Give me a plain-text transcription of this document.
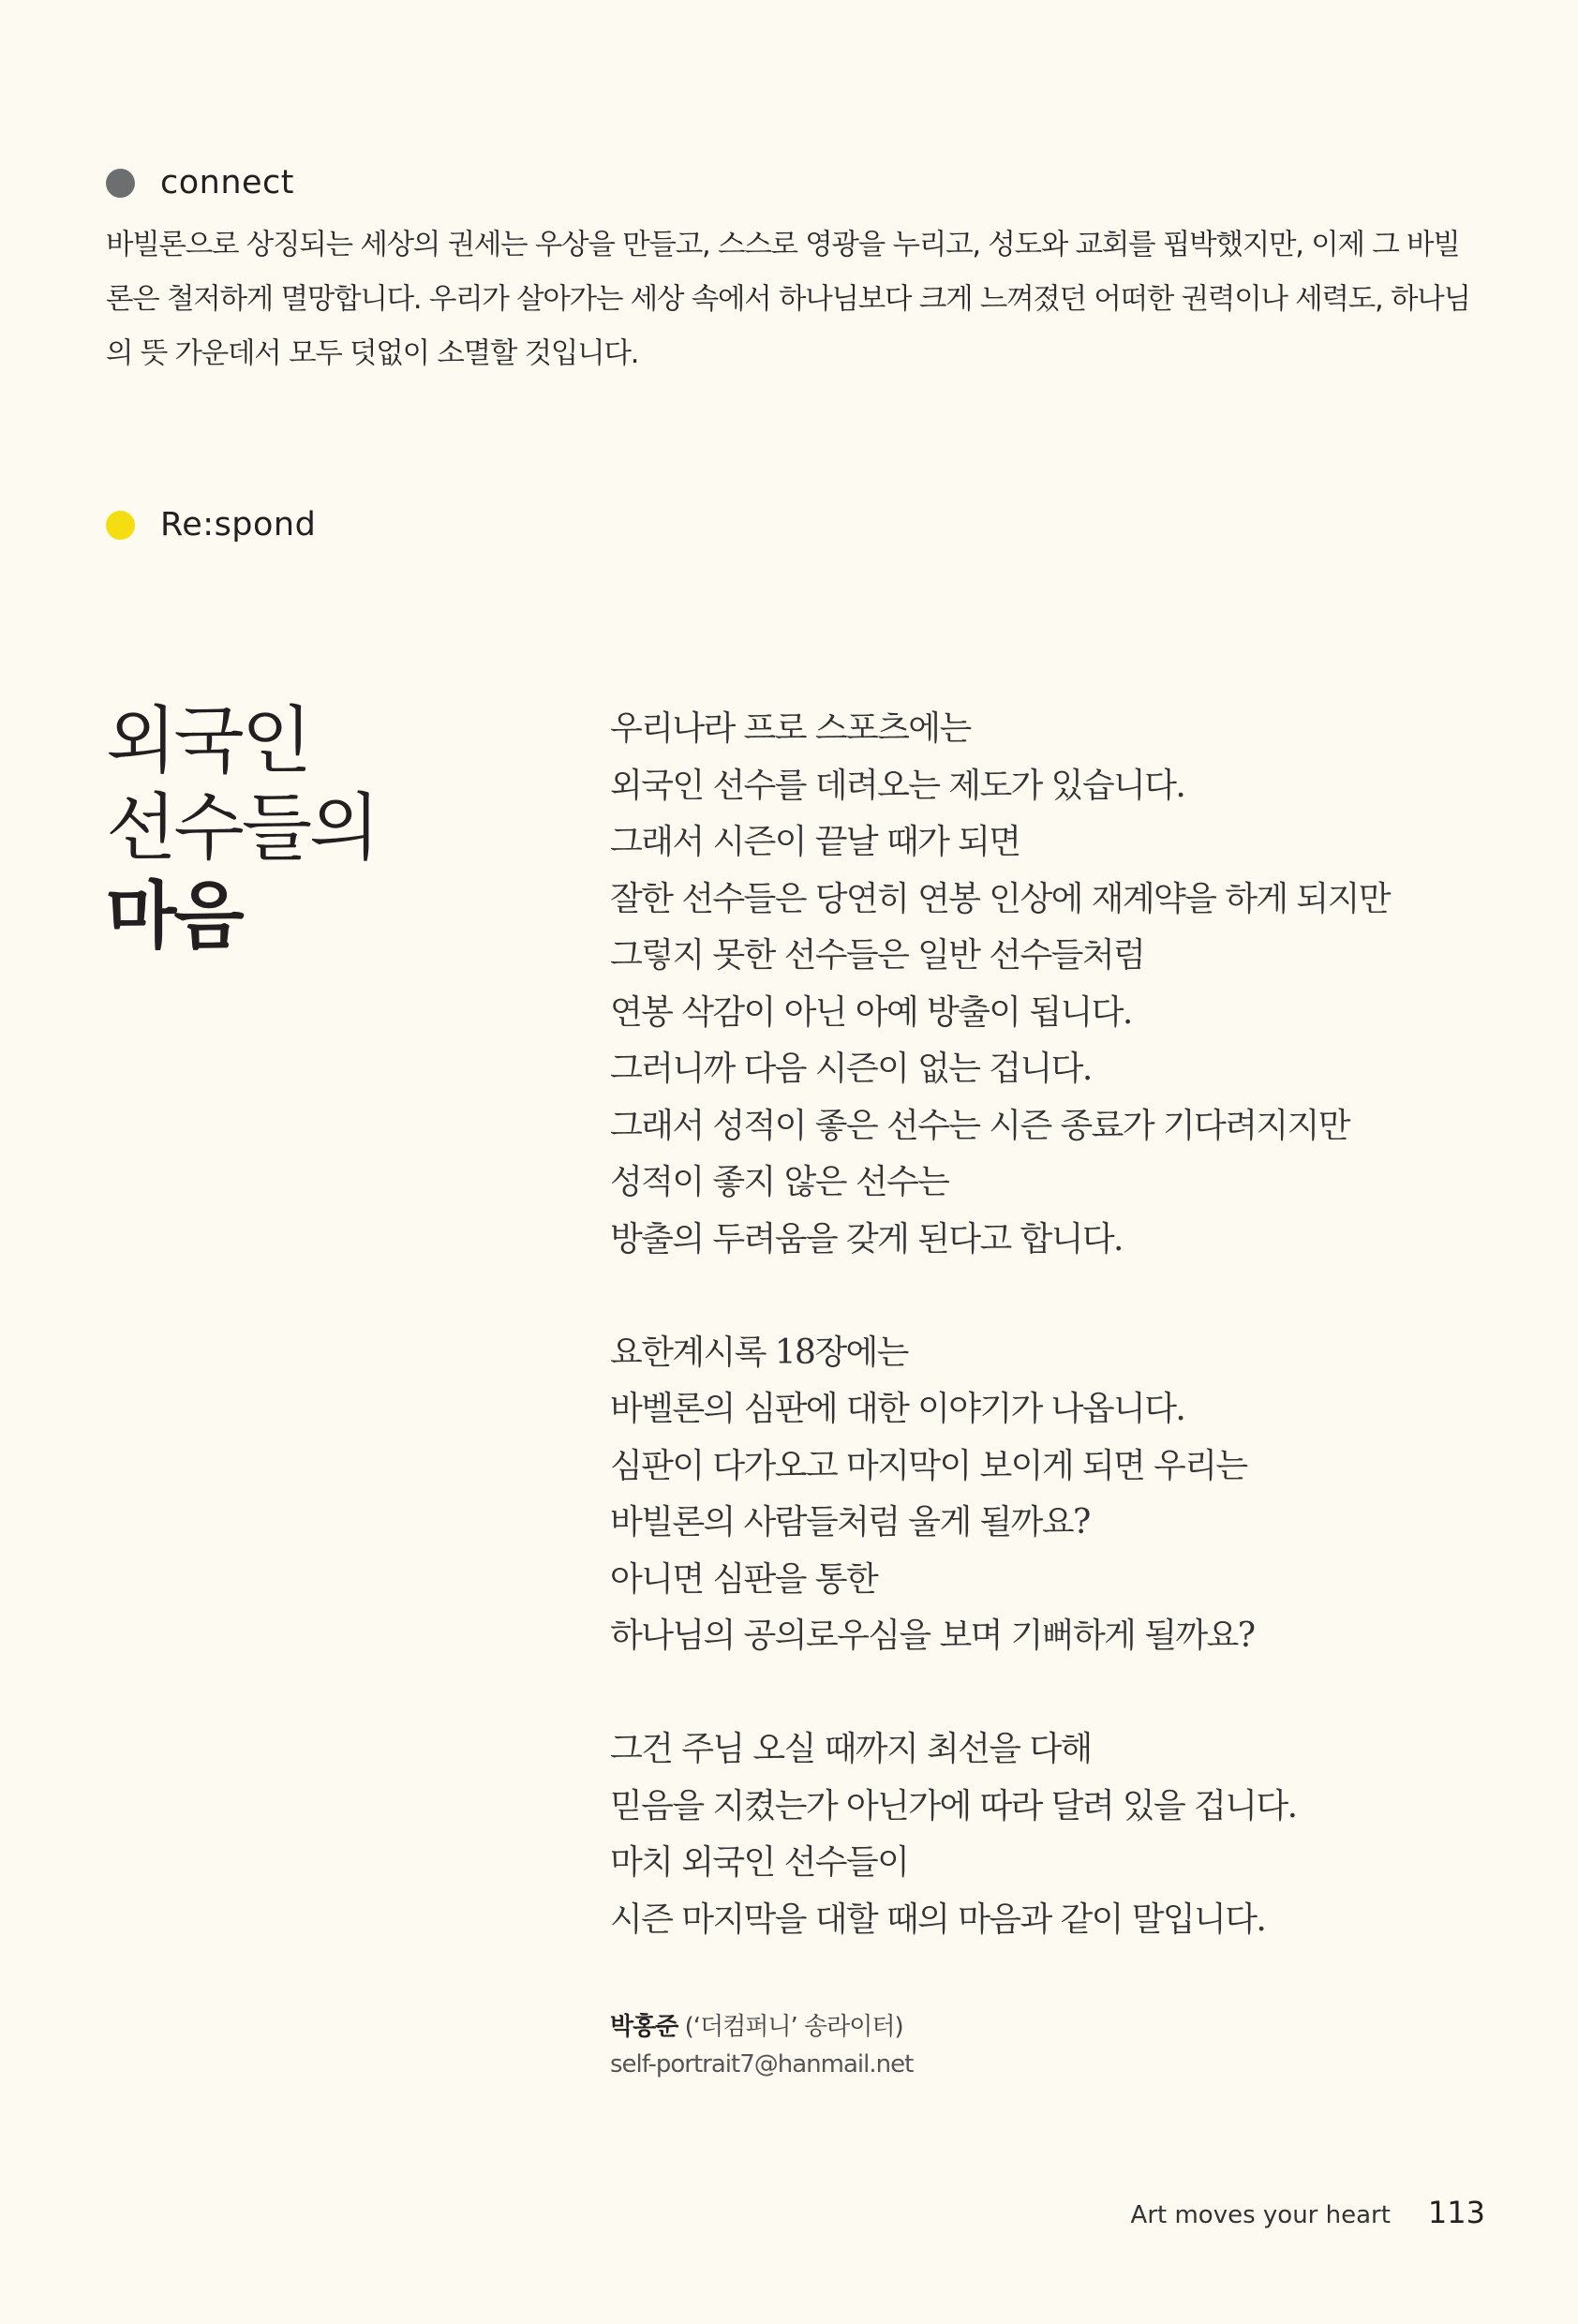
connect
바빌론으로 상징되는 세상의 권세는 우상을 만들고, 스스로 영광을 누리고, 성도와 교회를 핍박했지만, 이제 그 바빌
론은 철저하게 멸망합니다. 우리가 살아가는 세상 속에서 하나님보다 크게 느껴졌던 어떠한 권력이나 세력도, 하나님
의 뜻 가운데서 모두 덧없이 소멸할 것입니다.
Re:spond
외국인
선수들의
마음
우리나라 프로 스포츠에는
외국인 선수를 데려오는 제도가 있습니다.
그래서 시즌이 끝날 때가 되면
잘한 선수들은 당연히 연봉 인상에 재계약을 하게 되지만
그렇지 못한 선수들은 일반 선수들처럼
연봉 삭감이 아닌 아예 방출이 됩니다.
그러니까 다음 시즌이 없는 겁니다.
그래서 성적이 좋은 선수는 시즌 종료가 기다려지지만
성적이 좋지 않은 선수는
방출의 두려움을 갖게 된다고 합니다.
요한계시록 18장에는
바벨론의 심판에 대한 이야기가 나옵니다.
심판이 다가오고 마지막이 보이게 되면 우리는
바빌론의 사람들처럼 울게 될까요?
아니면 심판을 통한
하나님의 공의로우심을 보며 기뻐하게 될까요?
그건 주님 오실 때까지 최선을 다해
믿음을 지켰는가 아닌가에 따라 달려 있을 겁니다.
마치 외국인 선수들이
시즌 마지막을 대할 때의 마음과 같이 말입니다.
박홍준 (‘더컴퍼니’ 송라이터)
self-portrait7@hanmail.net
Art moves your heart 113
